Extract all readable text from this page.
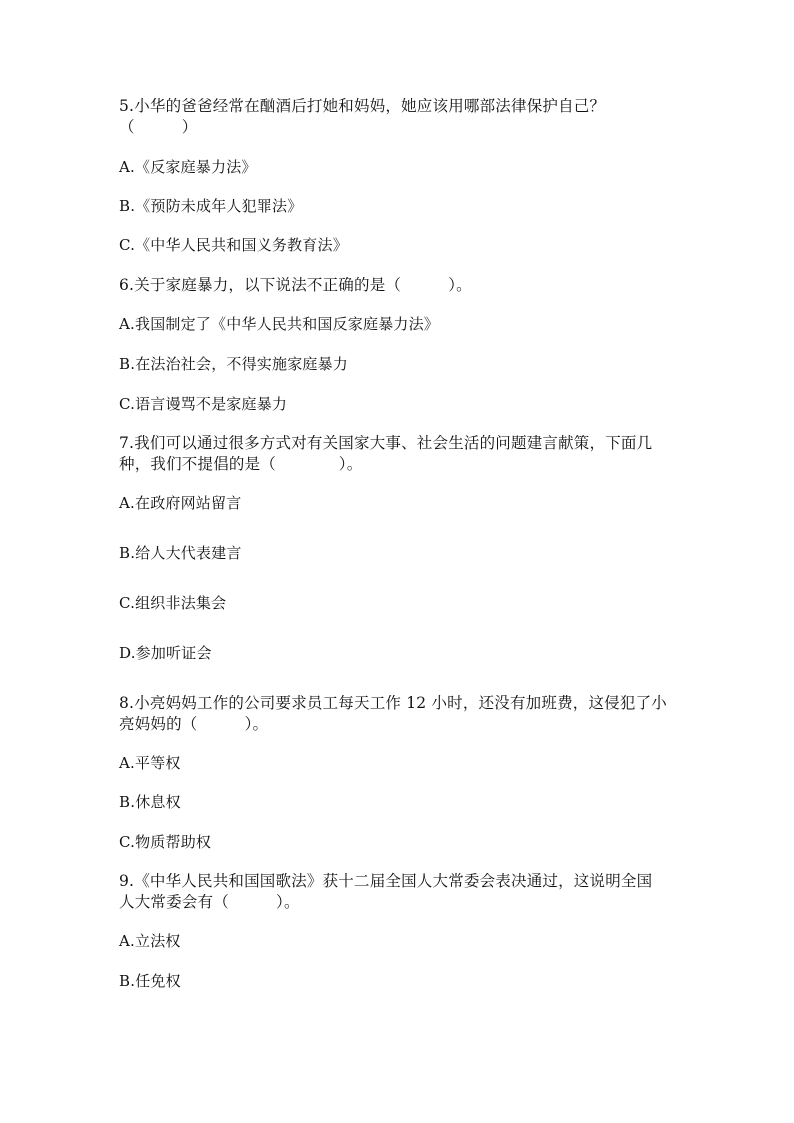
5.小华的爸爸经常在酗酒后打她和妈妈，她应该用哪部法律保护自己？
（　　　）
A.《反家庭暴力法》
B.《预防未成年人犯罪法》
C.《中华人民共和国义务教育法》
6.关于家庭暴力，以下说法不正确的是（　　　）。
A.我国制定了《中华人民共和国反家庭暴力法》
B.在法治社会，不得实施家庭暴力
C.语言谩骂不是家庭暴力
7.我们可以通过很多方式对有关国家大事、社会生活的问题建言献策，下面几
种，我们不提倡的是（　　　　）。
A.在政府网站留言
B.给人大代表建言
C.组织非法集会
D.参加听证会
8.小亮妈妈工作的公司要求员工每天工作 12 小时，还没有加班费，这侵犯了小
亮妈妈的（　　　）。
A.平等权
B.休息权
C.物质帮助权
9.《中华人民共和国国歌法》获十二届全国人大常委会表决通过，这说明全国
人大常委会有（　　　）。
A.立法权
B.任免权
